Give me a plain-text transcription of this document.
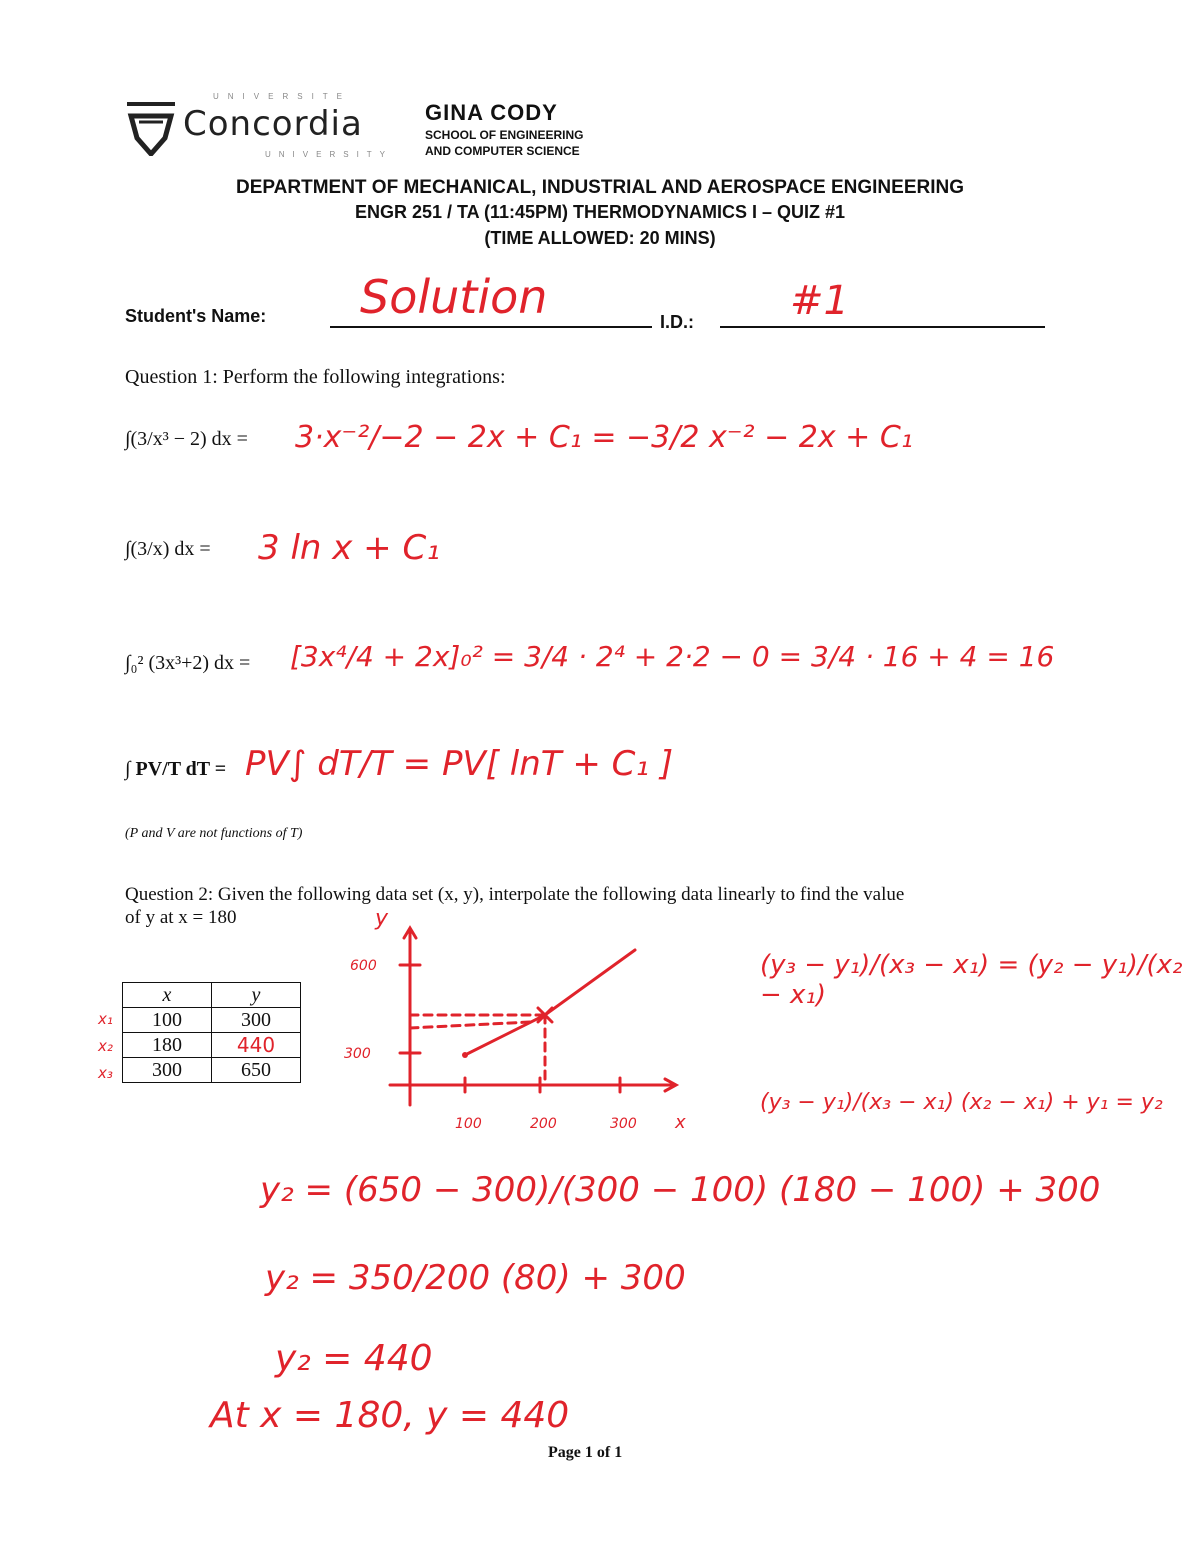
UNIVERSITE
Concordia
UNIVERSITY
GINA CODY
SCHOOL OF ENGINEERING
AND COMPUTER SCIENCE
DEPARTMENT OF MECHANICAL, INDUSTRIAL AND AEROSPACE ENGINEERING
ENGR 251 / TA (11:45PM) THERMODYNAMICS I – QUIZ #1
(TIME ALLOWED: 20 MINS)
Student's Name: Solution	I.D.: #1
Question 1: Perform the following integrations:
∫(3/x³ − 2) dx = 3·x⁻²/−2 − 2x + C₁ = −3/2 x⁻² − 2x + C₁
∫(3/x) dx = 3 ln x + C₁
∫₀² (3x³+2) dx = [3x⁴/4 + 2x]₀² = 3/4 · 2⁴ + 2·2 − 0 = 3/4 · 16 + 4 = 16
∫ PV/T dT = PV∫ dT/T = PV[ lnT + C₁ ]
(P and V are not functions of T)
Question 2: Given the following data set (x, y), interpolate the following data linearly to find the value
of y at x = 180
x	y
100	300
180	440
300	650
x₁
x₂
x₃
y
600
300
100	200	300 x
(y₃ − y₁)/(x₃ − x₁) = (y₂ − y₁)/(x₂ − x₁)
(y₃ − y₁)/(x₃ − x₁) (x₂ − x₁) + y₁ = y₂
y₂ = (650 − 300)/(300 − 100) (180 − 100) + 300
y₂ = 350/200 (80) + 300
y₂ = 440
At x = 180, y = 440
Page 1 of 1
